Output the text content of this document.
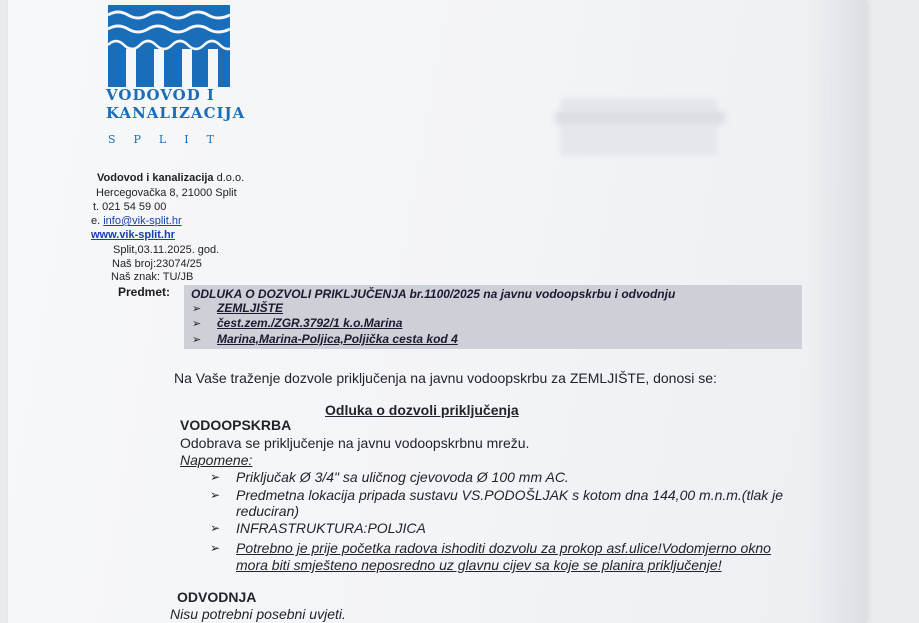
VODOVOD I
KANALIZACIJA
SPLIT
Vodovod i kanalizacija d.o.o.
Hercegovačka 8, 21000 Split
t. 021 54 59 00
e. info@vik-split.hr
www.vik-split.hr
Split,03.11.2025. god.
Naš broj:23074/25
Naš znak: TU/JB
Predmet: ODLUKA O DOZVOLI PRIKLJUČENJA br.1100/2025 na javnu vodoopskrbu i odvodnju
➢ ZEMLJIŠTE
➢ čest.zem./ZGR.3792/1 k.o.Marina
➢ Marina,Marina-Poljica,Poljička cesta kod 4
Na Vaše traženje dozvole priključenja na javnu vodoopskrbu za ZEMLJIŠTE, donosi se:
Odluka o dozvoli priključenja
VODOOPSKRBA
Odobrava se priključenje na javnu vodoopskrbnu mrežu.
Napomene:
➢ Priključak Ø 3/4" sa uličnog cjevovoda Ø 100 mm AC.
➢ Predmetna lokacija pripada sustavu VS.PODOŠLJAK s kotom dna 144,00 m.n.m.(tlak je
reduciran)
➢ INFRASTRUKTURA:POLJICA
➢ Potrebno je prije početka radova ishoditi dozvolu za prokop asf.ulice!Vodomjerno okno
mora biti smješteno neposredno uz glavnu cijev sa koje se planira priključenje!
ODVODNJA
Nisu potrebni posebni uvjeti.
